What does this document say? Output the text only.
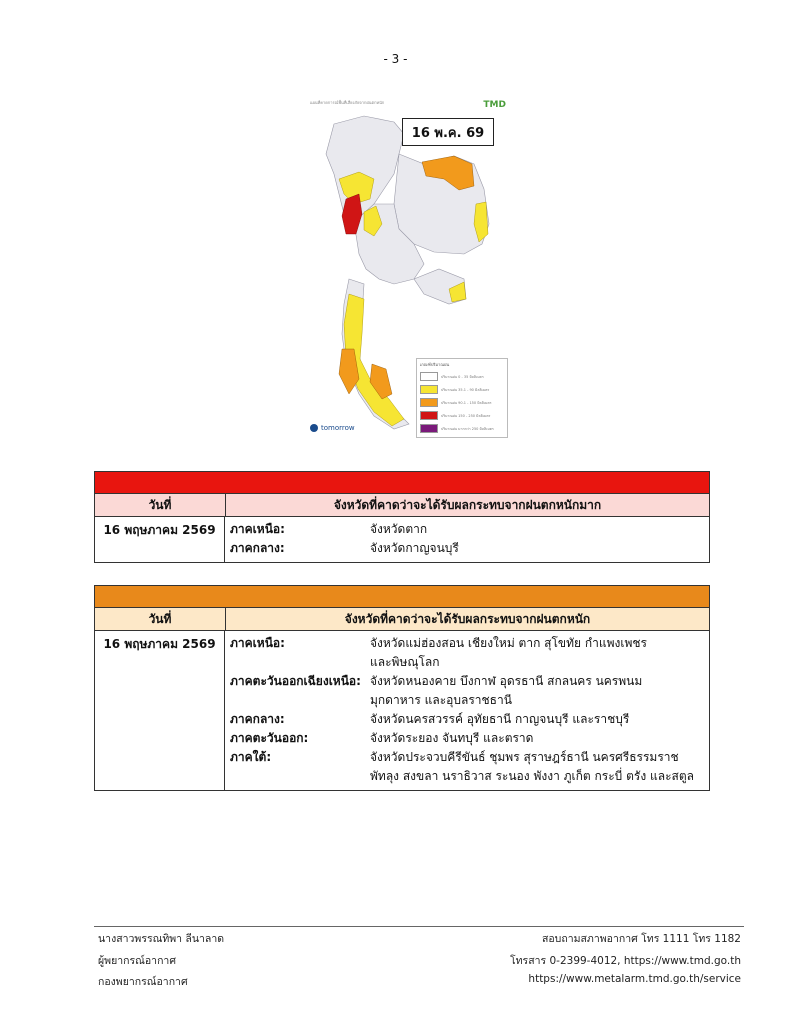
- 3 -
แผนที่คาดการณ์พื้นที่เสี่ยงภัยจากฝนตกหนัก	TMD
16 พ.ค. 69
เกณฑ์ปริมาณฝน
ปริมาณฝน 0 - 35 มิลลิเมตร
ปริมาณฝน 35.1 - 90 มิลลิเมตร
ปริมาณฝน 90.1 - 150 มิลลิเมตร
ปริมาณฝน 150 - 250 มิลลิเมตร
ปริมาณฝน มากกว่า 250 มิลลิเมตร
tomorrow
วันที่	จังหวัดที่คาดว่าจะได้รับผลกระทบจากฝนตกหนักมาก
16 พฤษภาคม 2569	ภาคเหนือ:	จังหวัดตาก
ภาคกลาง:	จังหวัดกาญจนบุรี
วันที่	จังหวัดที่คาดว่าจะได้รับผลกระทบจากฝนตกหนัก
16 พฤษภาคม 2569	ภาคเหนือ:	จังหวัดแม่ฮ่องสอน เชียงใหม่ ตาก สุโขทัย กำแพงเพชร
และพิษณุโลก
ภาคตะวันออกเฉียงเหนือ: จังหวัดหนองคาย บึงกาฬ อุดรธานี สกลนคร นครพนม
มุกดาหาร และอุบลราชธานี
ภาคกลาง:	จังหวัดนครสวรรค์ อุทัยธานี กาญจนบุรี และราชบุรี
ภาคตะวันออก:	จังหวัดระยอง จันทบุรี และตราด
ภาคใต้:	จังหวัดประจวบคีรีขันธ์ ชุมพร สุราษฎร์ธานี นครศรีธรรมราช
พัทลุง สงขลา นราธิวาส ระนอง พังงา ภูเก็ต กระบี่ ตรัง และสตูล
นางสาวพรรณทิพา ลีนาลาด
ผู้พยากรณ์อากาศ
กองพยากรณ์อากาศ
สอบถามสภาพอากาศ โทร 1111 โทร 1182
โทรสาร 0-2399-4012, https://www.tmd.go.th
https://www.metalarm.tmd.go.th/service
